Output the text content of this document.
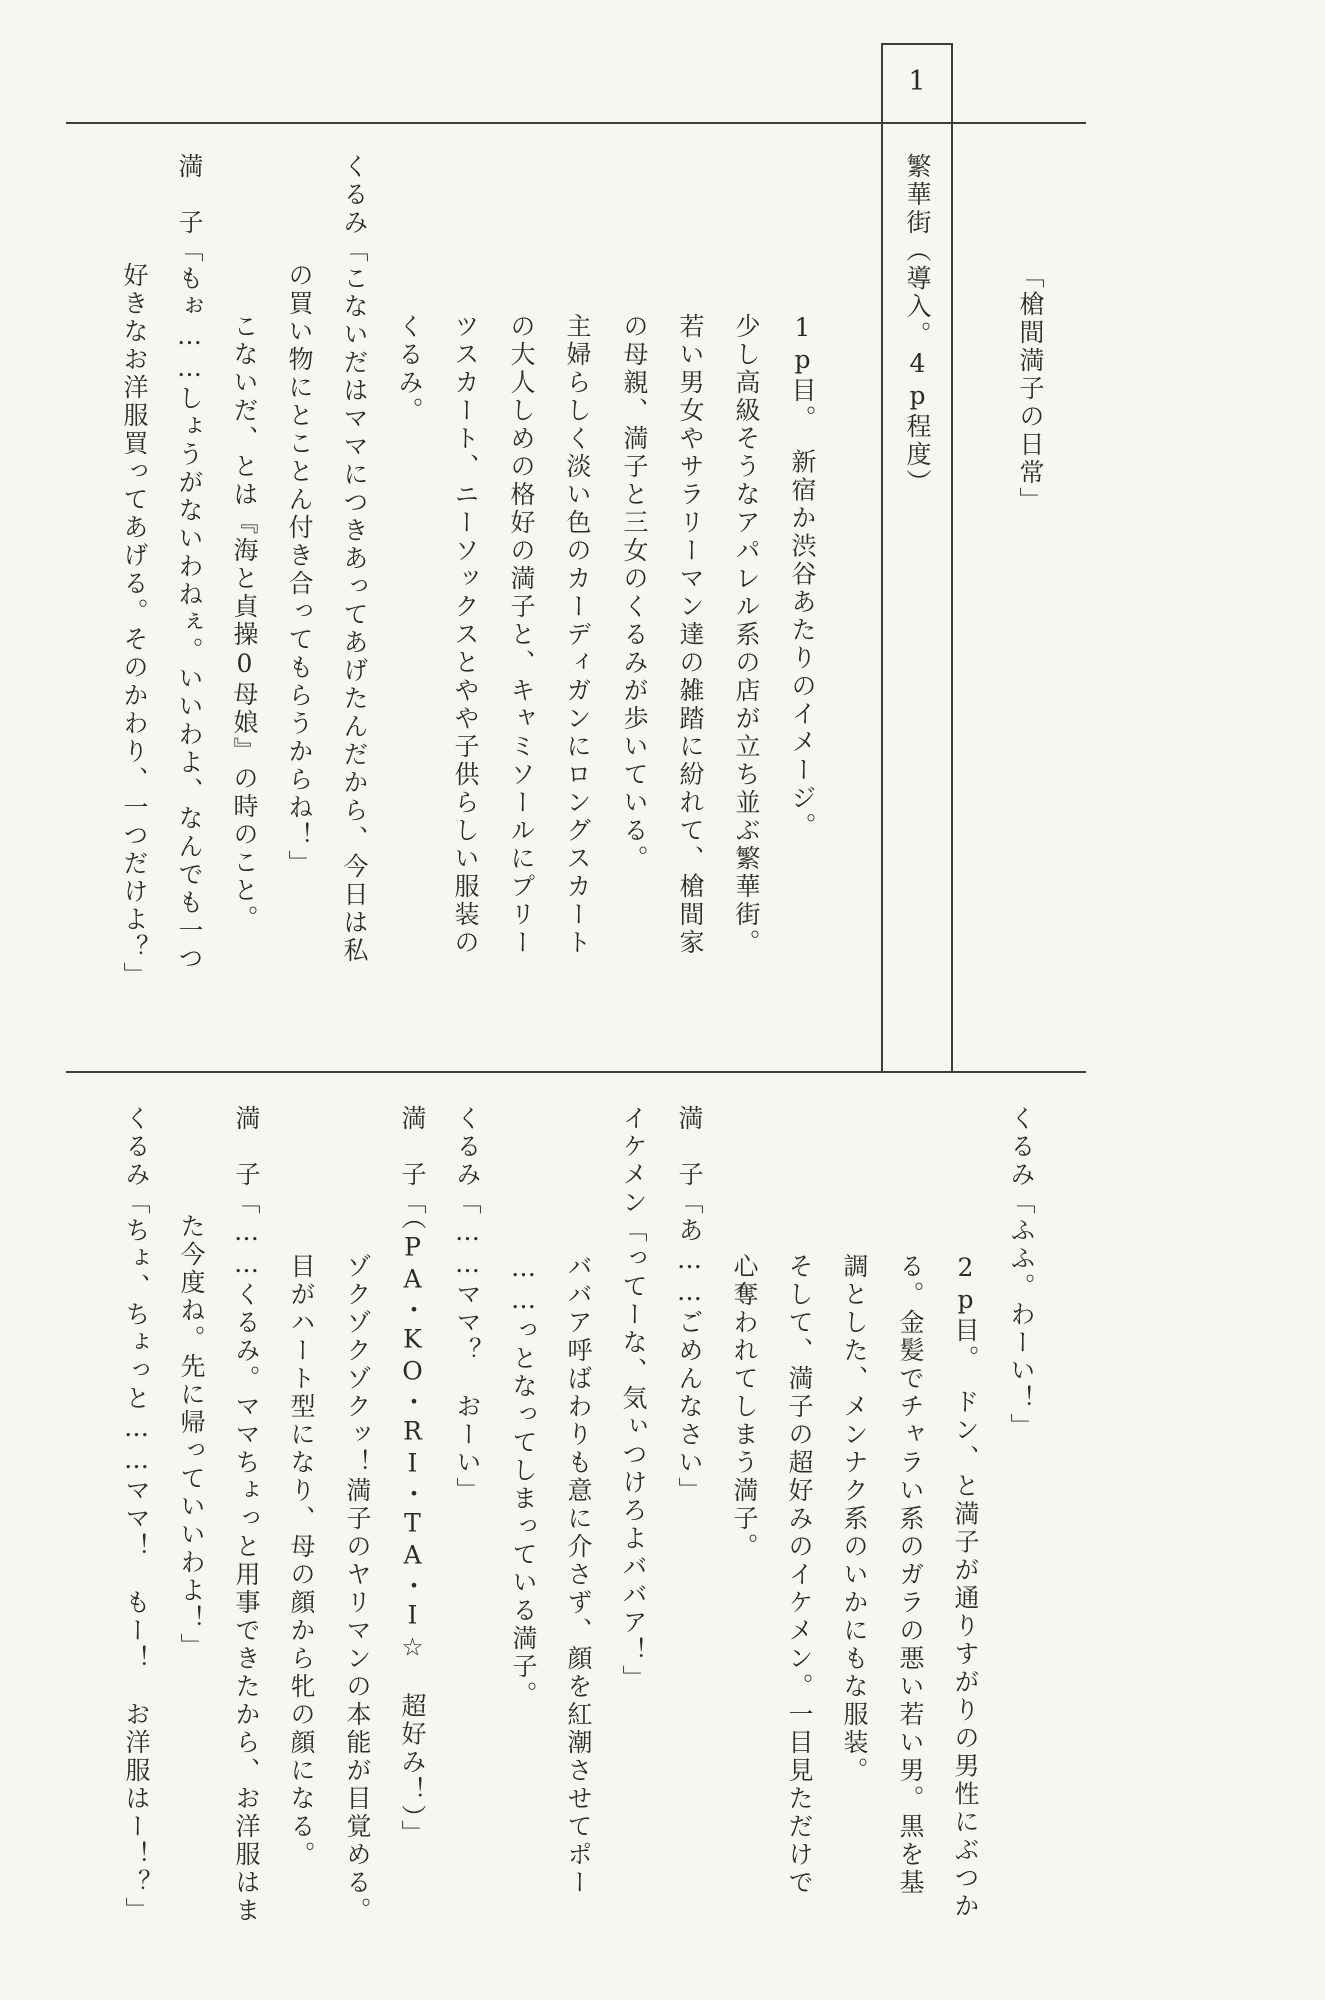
1
「槍間満子の日常」
繁華街（導入。4p程度）
1p目。　新宿か渋谷あたりのイメージ。
少し高級そうなアパレル系の店が立ち並ぶ繁華街。
若い男女やサラリーマン達の雑踏に紛れて、槍間家
の母親、満子と三女のくるみが歩いている。
主婦らしく淡い色のカーディガンにロングスカート
の大人しめの格好の満子と、キャミソールにプリー
ツスカート、ニーソックスとやや子供らしい服装の
くるみ。
くるみ「こないだはママにつきあってあげたんだから、今日は私
の買い物にとことん付き合ってもらうからね！」
こないだ、とは『海と貞操0母娘』の時のこと。
満　子「もぉ……しょうがないわねぇ。いいわよ、なんでも一つ
好きなお洋服買ってあげる。そのかわり、一つだけよ？」
くるみ「ふふ。わーい！」
2p目。　ドン、と満子が通りすがりの男性にぶつか
る。金髪でチャラい系のガラの悪い若い男。黒を基
調とした、メンナク系のいかにもな服装。
そして、満子の超好みのイケメン。一目見ただけで
心奪われてしまう満子。
満　子「あ……ごめんなさい」
イケメン「ってーな、気ぃつけろよババア！」
ババア呼ばわりも意に介さず、顔を紅潮させてポー
……っとなってしまっている満子。
くるみ「……ママ？　おーい」
満　子「（PA・KO・RI・TA・I☆　超好み！）」
ゾクゾクゾクッ！満子のヤリマンの本能が目覚める。
目がハート型になり、母の顔から牝の顔になる。
満　子「……くるみ。ママちょっと用事できたから、お洋服はま
た今度ね。先に帰っていいわよ！」
くるみ「ちょ、ちょっと……ママ！　もー！　お洋服はー！？」
